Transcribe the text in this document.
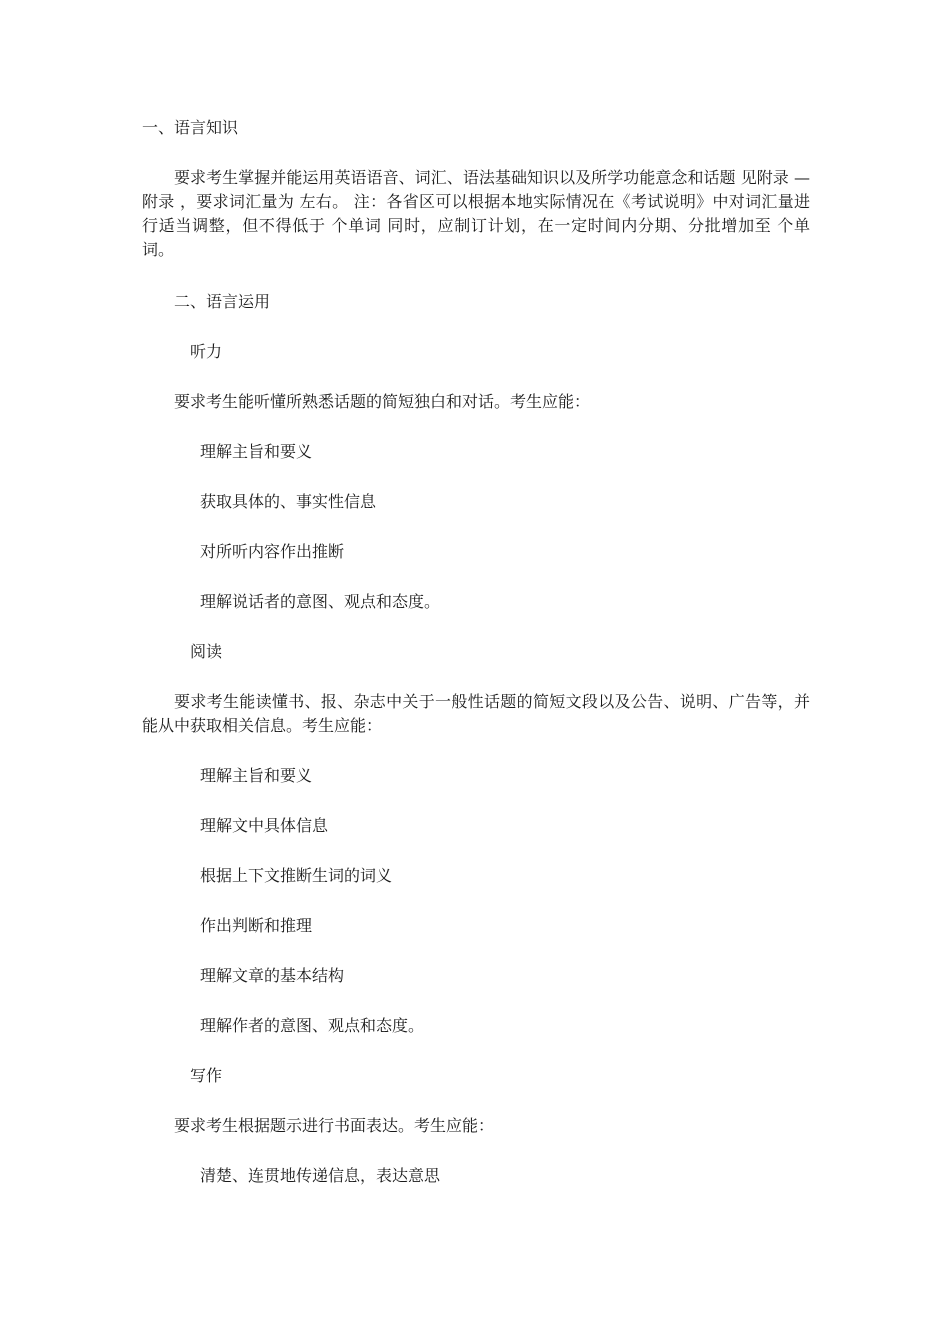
一、语言知识
要求考生掌握并能运用英语语音、词汇、语法基础知识以及所学功能意念和话题 见附录 —附录 ，要求词汇量为 左右。 注：各省区可以根据本地实际情况在《考试说明》中对词汇量进行适当调整，但不得低于 个单词 同时，应制订计划，在一定时间内分期、分批增加至 个单词。
二、语言运用
听力
要求考生能听懂所熟悉话题的简短独白和对话。考生应能：
理解主旨和要义
获取具体的、事实性信息
对所听内容作出推断
理解说话者的意图、观点和态度。
阅读
要求考生能读懂书、报、杂志中关于一般性话题的简短文段以及公告、说明、广告等，并能从中获取相关信息。考生应能：
理解主旨和要义
理解文中具体信息
根据上下文推断生词的词义
作出判断和推理
理解文章的基本结构
理解作者的意图、观点和态度。
写作
要求考生根据题示进行书面表达。考生应能：
清楚、连贯地传递信息，表达意思
